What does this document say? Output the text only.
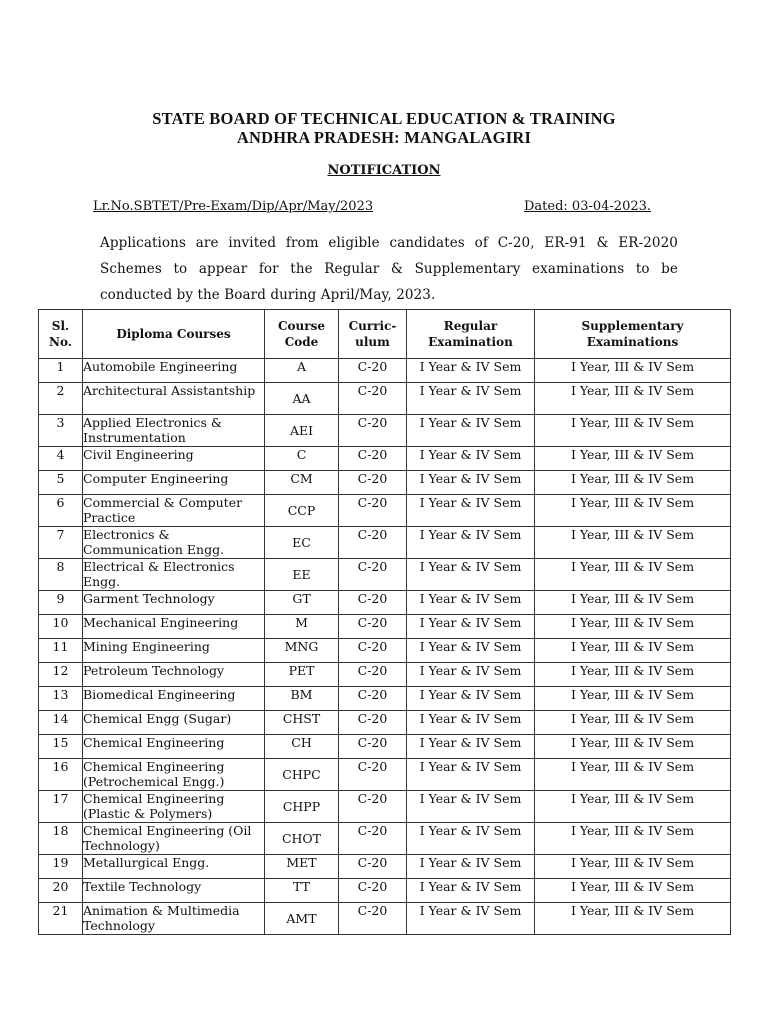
STATE BOARD OF TECHNICAL EDUCATION & TRAINING
ANDHRA PRADESH: MANGALAGIRI
NOTIFICATION
Lr.No.SBTET/Pre-Exam/Dip/Apr/May/2023	Dated: 03-04-2023.
Applications are invited from eligible candidates of C-20, ER-91 & ER-2020 Schemes to appear for the Regular & Supplementary examinations to be conducted by the Board during April/May, 2023.
Sl. No.	Diploma Courses	Course Code	Curric-ulum	Regular Examination	Supplementary Examinations
1	Automobile Engineering	A	C-20	I Year & IV Sem	I Year, III & IV Sem
2	Architectural Assistantship	AA	C-20	I Year & IV Sem	I Year, III & IV Sem
3	Applied Electronics & Instrumentation	AEI	C-20	I Year & IV Sem	I Year, III & IV Sem
4	Civil Engineering	C	C-20	I Year & IV Sem	I Year, III & IV Sem
5	Computer Engineering	CM	C-20	I Year & IV Sem	I Year, III & IV Sem
6	Commercial & Computer Practice	CCP	C-20	I Year & IV Sem	I Year, III & IV Sem
7	Electronics & Communication Engg.	EC	C-20	I Year & IV Sem	I Year, III & IV Sem
8	Electrical & Electronics Engg.	EE	C-20	I Year & IV Sem	I Year, III & IV Sem
9	Garment Technology	GT	C-20	I Year & IV Sem	I Year, III & IV Sem
10	Mechanical Engineering	M	C-20	I Year & IV Sem	I Year, III & IV Sem
11	Mining Engineering	MNG	C-20	I Year & IV Sem	I Year, III & IV Sem
12	Petroleum Technology	PET	C-20	I Year & IV Sem	I Year, III & IV Sem
13	Biomedical Engineering	BM	C-20	I Year & IV Sem	I Year, III & IV Sem
14	Chemical Engg (Sugar)	CHST	C-20	I Year & IV Sem	I Year, III & IV Sem
15	Chemical Engineering	CH	C-20	I Year & IV Sem	I Year, III & IV Sem
16	Chemical Engineering (Petrochemical Engg.)	CHPC	C-20	I Year & IV Sem	I Year, III & IV Sem
17	Chemical Engineering (Plastic & Polymers)	CHPP	C-20	I Year & IV Sem	I Year, III & IV Sem
18	Chemical Engineering (Oil Technology)	CHOT	C-20	I Year & IV Sem	I Year, III & IV Sem
19	Metallurgical Engg.	MET	C-20	I Year & IV Sem	I Year, III & IV Sem
20	Textile Technology	TT	C-20	I Year & IV Sem	I Year, III & IV Sem
21	Animation & Multimedia Technology	AMT	C-20	I Year & IV Sem	I Year, III & IV Sem
